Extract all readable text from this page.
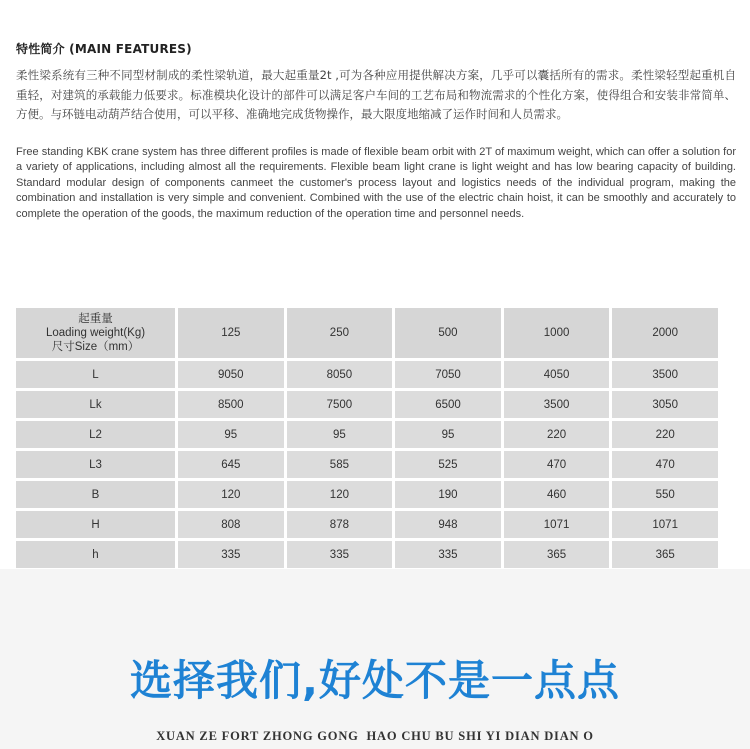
特性简介 (MAIN FEATURES)

柔性梁系统有三种不同型材制成的柔性梁轨道，最大起重量2t ,可为各种应用提供解决方案，几乎可以囊括所有的需求。柔性梁轻型起重机自重轻，对建筑的承载能力低要求。标准模块化设计的部件可以满足客户车间的工艺布局和物流需求的个性化方案，使得组合和安装非常简单、方便。与环链电动葫芦结合使用，可以平移、准确地完成货物操作，最大限度地缩减了运作时间和人员需求。

Free standing KBK crane system has three different profiles is made of flexible beam orbit with 2T of maximum weight, which can offer a solution for a variety of applications, including almost all the requirements. Flexible beam light crane is light weight and has low bearing capacity of building. Standard modular design of components canmeet the customer's process layout and logistics needs of the individual program, making the combination and installation is very simple and convenient. Combined with the use of the electric chain hoist, it can be smoothly and accurately to complete the operation of the goods, the maximum reduction of the operation time and personnel needs.

起重量
Loading weight(Kg)
尺寸Size（mm）	125	250	500	1000	2000
L	9050	8050	7050	4050	3500
Lk	8500	7500	6500	3500	3050
L2	95	95	95	220	220
L3	645	585	525	470	470
B	120	120	190	460	550
H	808	878	948	1071	1071
h	335	335	335	365	365
选择我们,好处不是一点点
XUAN ZE FORT ZHONG GONG  HAO CHU BU SHI YI DIAN DIAN O
